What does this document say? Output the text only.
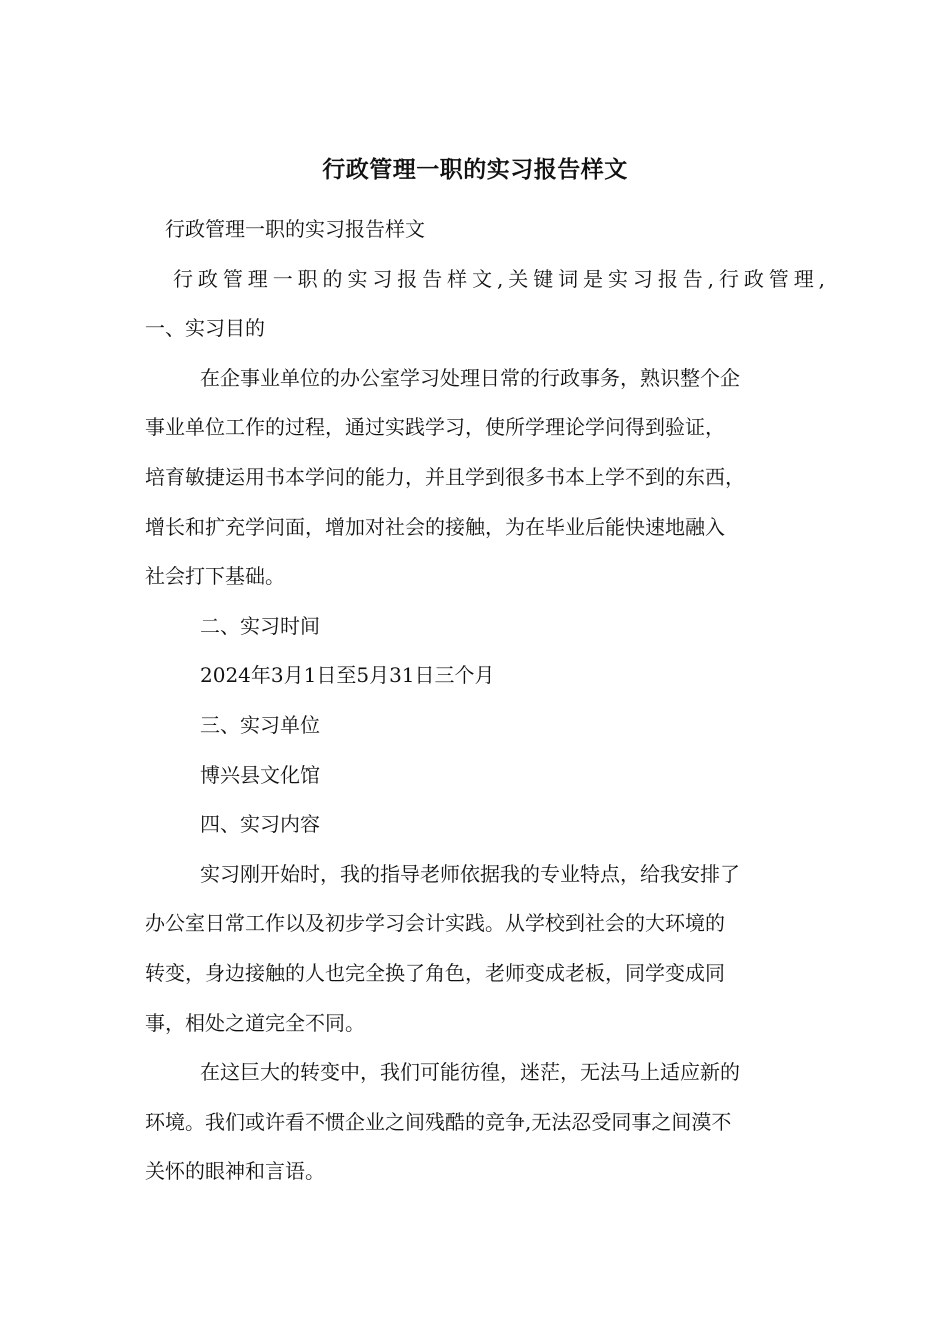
行政管理一职的实习报告样文

行政管理一职的实习报告样文

行政管理一职的实习报告样文,关键词是实习报告,行政管理,

一、实习目的

在企事业单位的办公室学习处理日常的行政事务，熟识整个企

事业单位工作的过程，通过实践学习，使所学理论学问得到验证，

培育敏捷运用书本学问的能力，并且学到很多书本上学不到的东西，

增长和扩充学问面，增加对社会的接触，为在毕业后能快速地融入

社会打下基础。

二、实习时间

2024年3月1日至5月31日三个月

三、实习单位

博兴县文化馆

四、实习内容

实习刚开始时，我的指导老师依据我的专业特点，给我安排了

办公室日常工作以及初步学习会计实践。从学校到社会的大环境的

转变，身边接触的人也完全换了角色，老师变成老板，同学变成同

事，相处之道完全不同。

在这巨大的转变中，我们可能彷徨，迷茫，无法马上适应新的

环境。我们或许看不惯企业之间残酷的竞争,无法忍受同事之间漠不

关怀的眼神和言语。
